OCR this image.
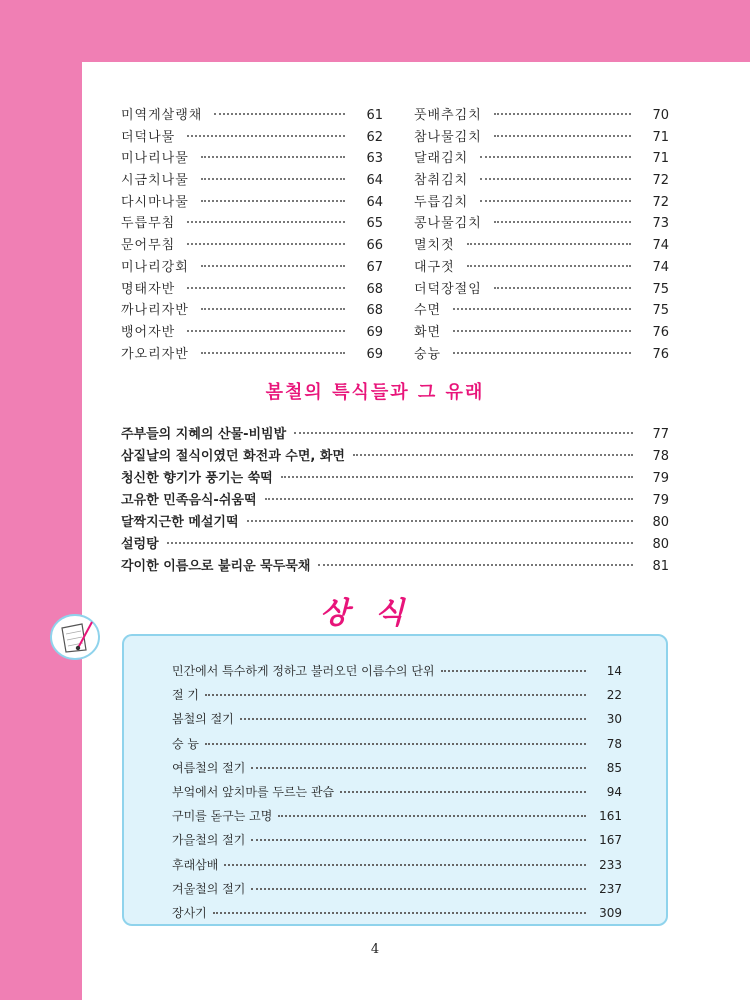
미역게살랭채	61
더덕나물	62
미나리나물	63
시금치나물	64
다시마나물	64
두릅무침	65
문어무침	66
미나리강회	67
명태자반	68
까나리자반	68
뱅어자반	69
가오리자반	69
풋배추김치	70
참나물김치	71
달래김치	71
참취김치	72
두릅김치	72
콩나물김치	73
멸치젓	74
대구젓	74
더덕장절임	75
수면	75
화면	76
숭늉	76
봄철의 특식들과 그 유래
주부들의 지혜의 산물-비빔밥	77
삼짙날의 절식이였던 화전과 수면, 화면	78
청신한 향기가 풍기는 쑥떡	79
고유한 민족음식-쉬움떡	79
달짝지근한 메설기떡	80
설렁탕	80
각이한 이름으로 불리운 묵두묵채	81
상식
민간에서 특수하게 정하고 불러오던 이름수의 단위	14
절 기	22
봄철의 절기	30
숭 늉	78
여름철의 절기	85
부엌에서 앞치마를 두르는 관습	94
구미를 돋구는 고명	161
가을철의 절기	167
후래삼배	233
겨울철의 절기	237
장사기	309
4
